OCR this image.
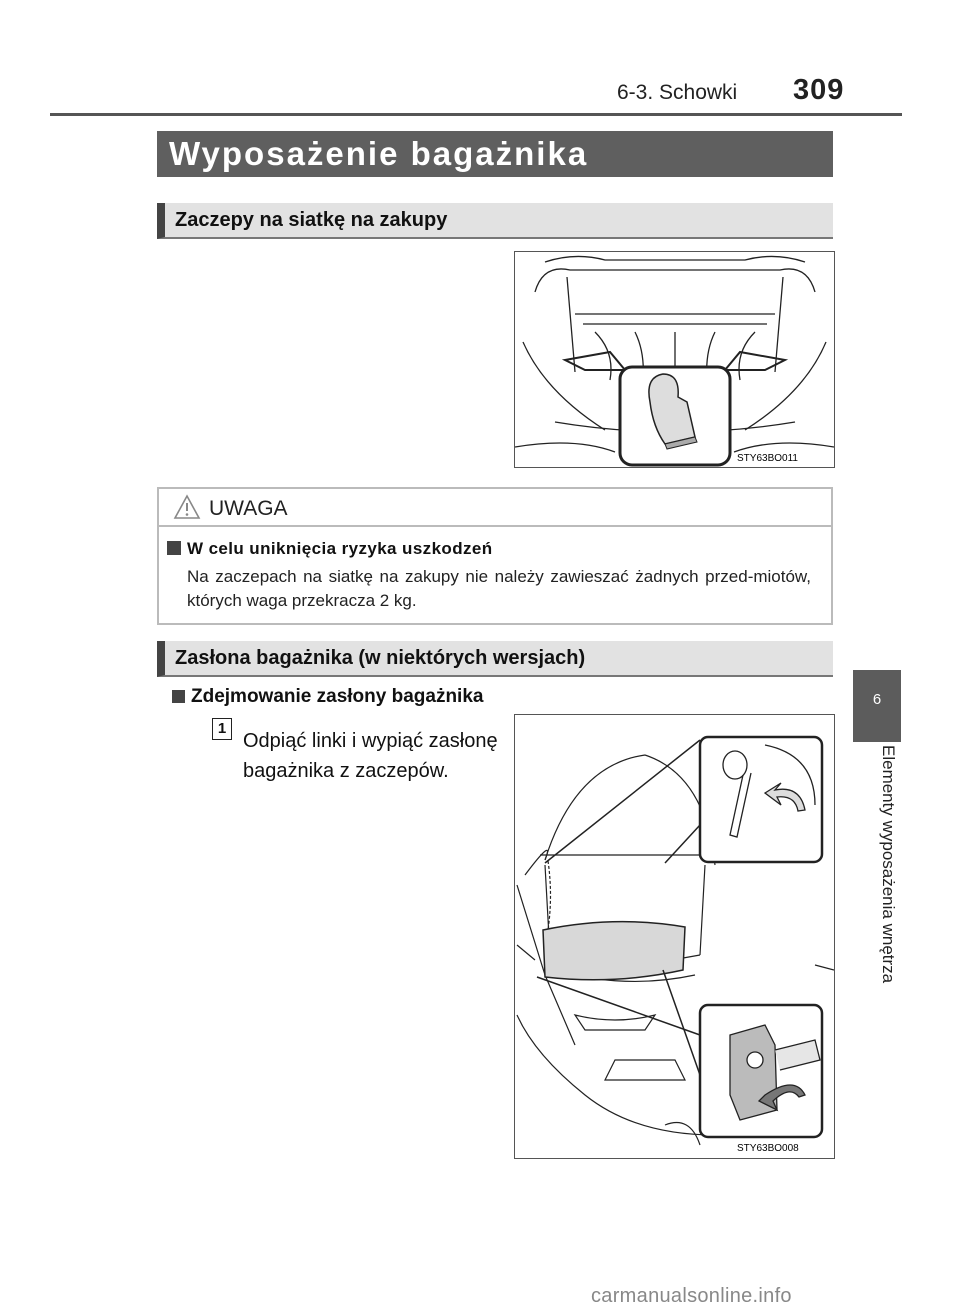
6-3. Schowki 309
Wyposażenie bagażnika
Zaczepy na siatkę na zakupy
STY63BO011
UWAGA
W celu uniknięcia ryzyka uszkodzeń
Na zaczepach na siatkę na zakupy nie należy zawieszać żadnych przed-miotów, których waga przekracza 2 kg.
Zasłona bagażnika (w niektórych wersjach)
Zdejmowanie zasłony bagażnika
1
Odpiąć linki i wypiąć zasłonę bagażnika z zaczepów.
STY63BO008
6
Elementy wyposażenia wnętrza
carmanualsonline.info
